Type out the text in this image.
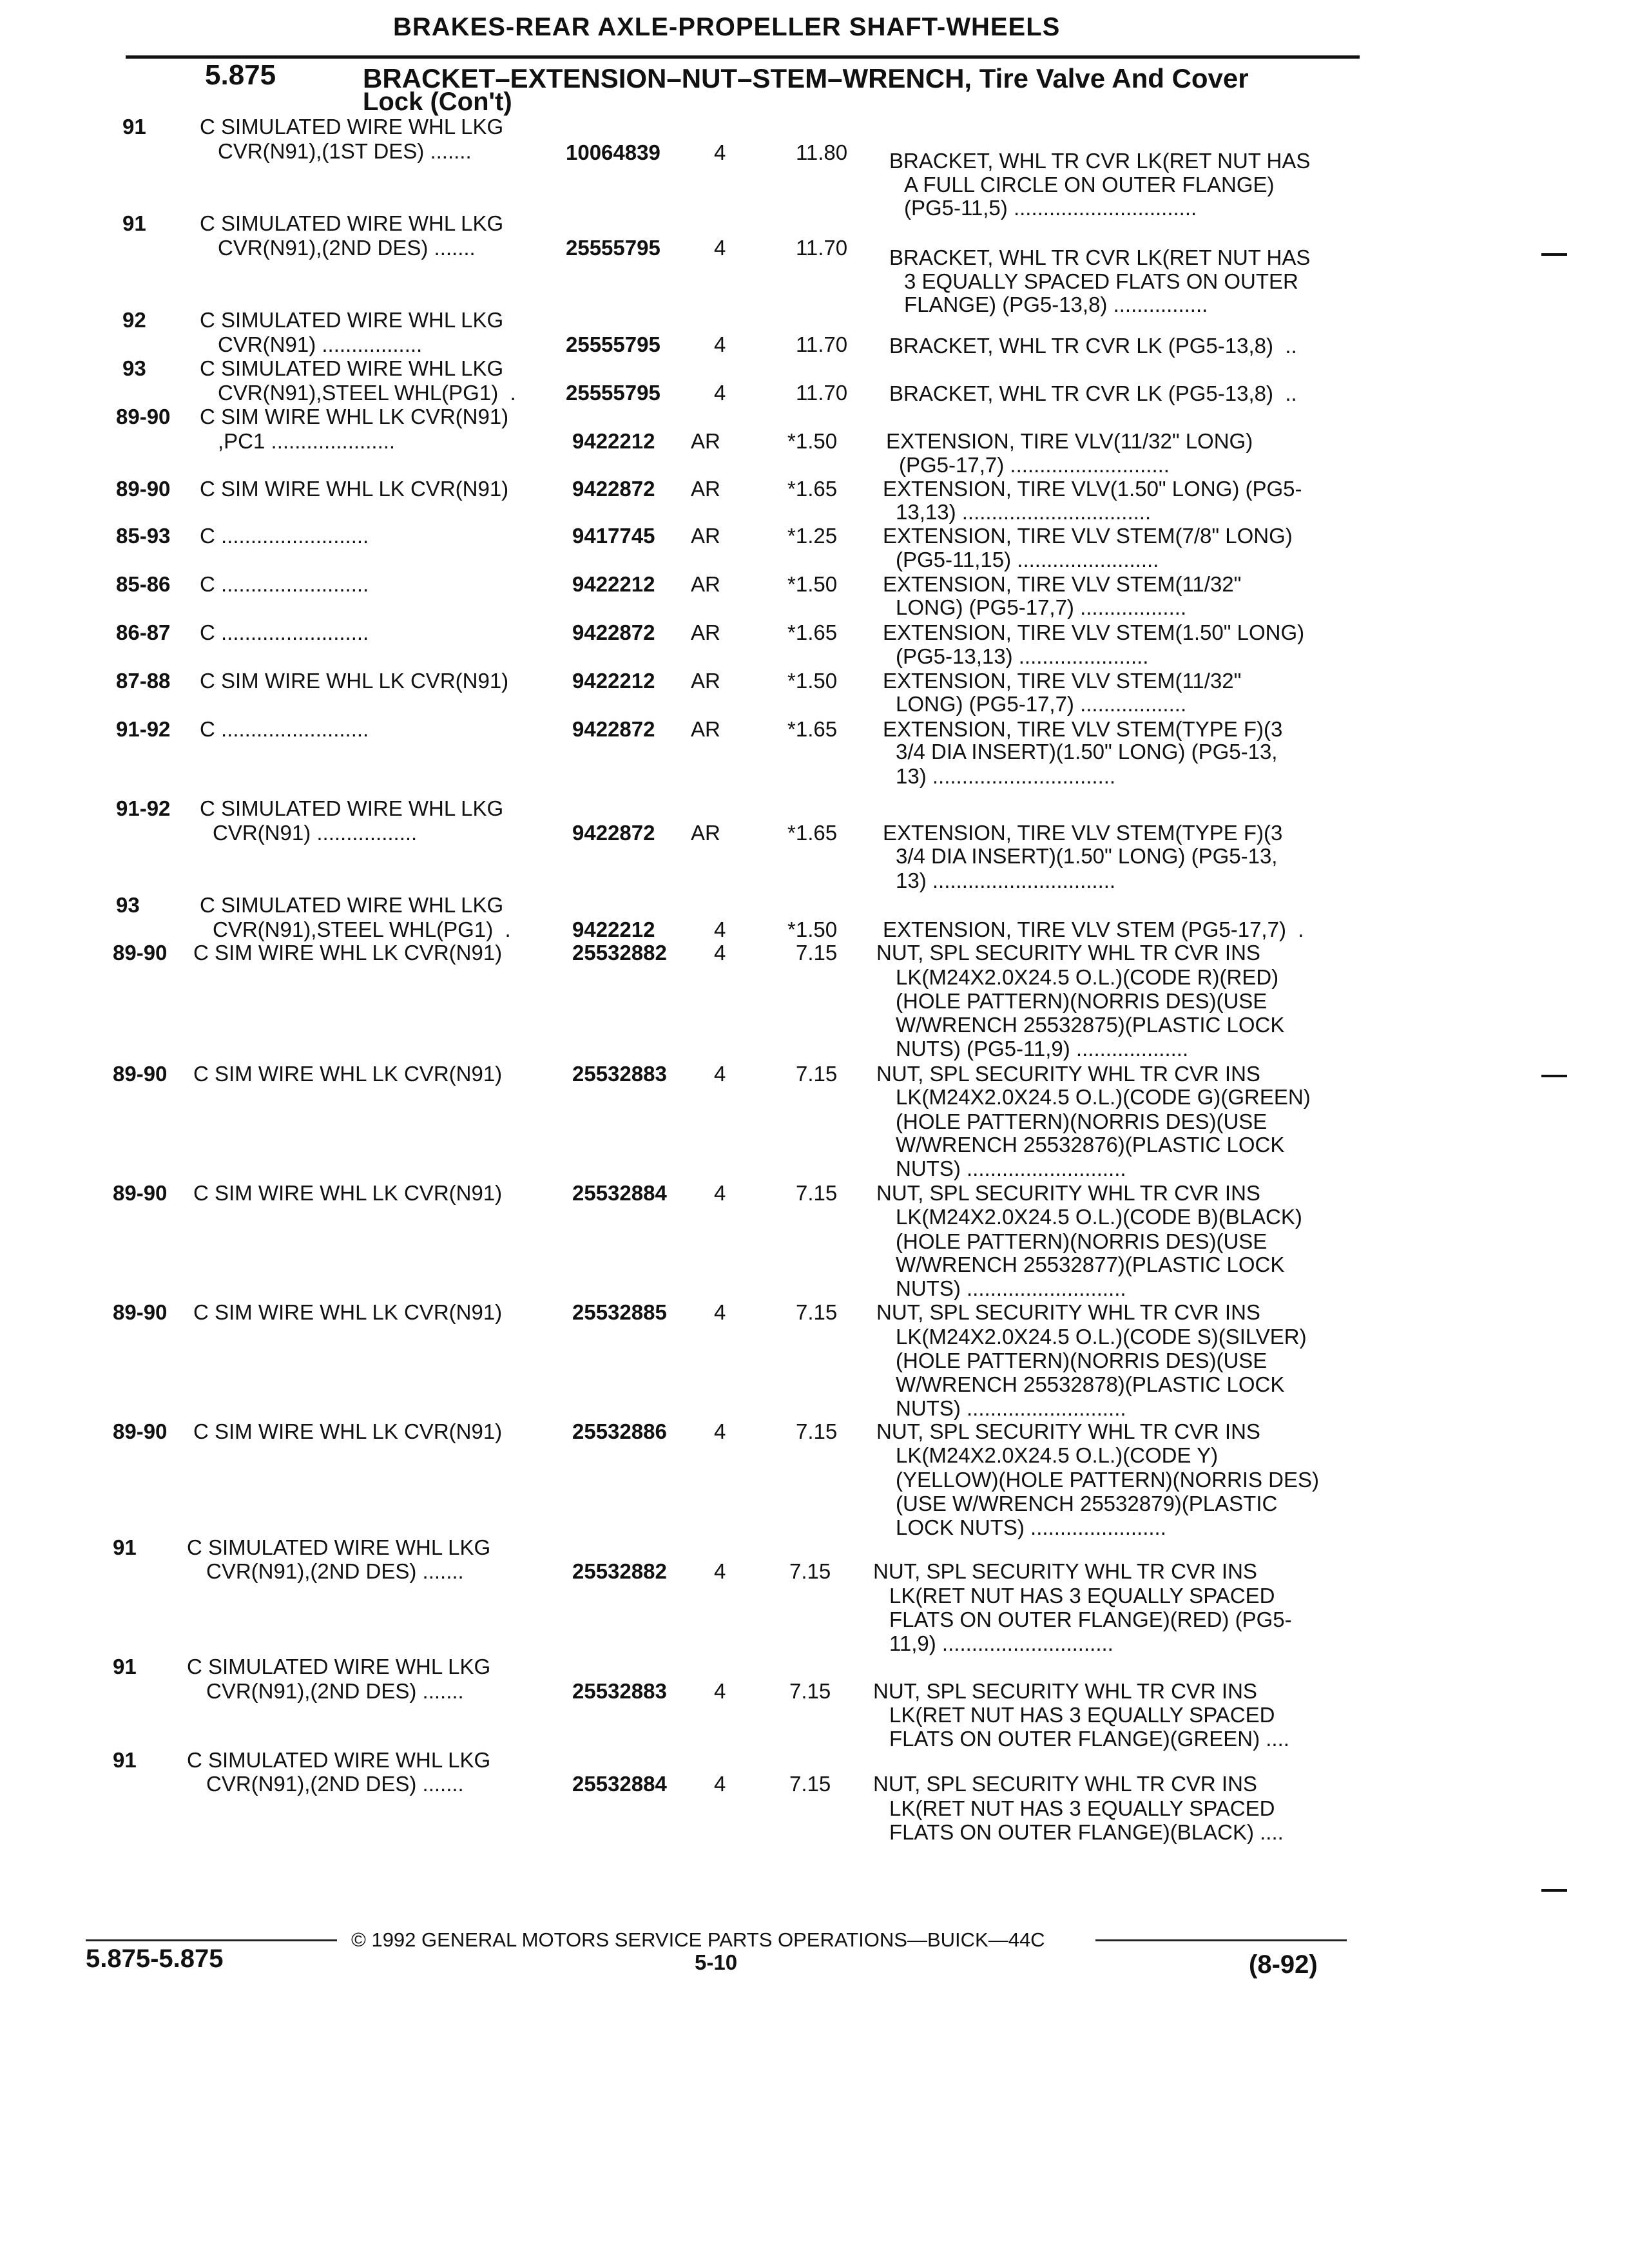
BRAKES-REAR AXLE-PROPELLER SHAFT-WHEELS
5.875	BRACKET–EXTENSION–NUT–STEM–WRENCH, Tire Valve And Cover
Lock (Con't)
91	C SIMULATED WIRE WHL LKG
CVR(N91),(1ST DES) .......	10064839	4	11.80 BRACKET, WHL TR CVR LK(RET NUT HAS
A FULL CIRCLE ON OUTER FLANGE)
(PG5-11,5) ...............................
91	C SIMULATED WIRE WHL LKG
CVR(N91),(2ND DES) .......	25555795	4	11.70 BRACKET, WHL TR CVR LK(RET NUT HAS
3 EQUALLY SPACED FLATS ON OUTER
FLANGE) (PG5-13,8) ................
92	C SIMULATED WIRE WHL LKG
CVR(N91) .................	25555795	4	11.70 BRACKET, WHL TR CVR LK (PG5-13,8)  ..
93	C SIMULATED WIRE WHL LKG
CVR(N91),STEEL WHL(PG1)  . 25555795	4	11.70 BRACKET, WHL TR CVR LK (PG5-13,8)  ..
89-90 C SIM WIRE WHL LK CVR(N91)
,PC1 .....................	9422212 AR	*1.50 EXTENSION, TIRE VLV(11/32" LONG)
(PG5-17,7) ...........................
89-90 C SIM WIRE WHL LK CVR(N91)	9422872 AR	*1.65 EXTENSION, TIRE VLV(1.50" LONG) (PG5-
13,13) ................................
85-93 C .........................	9417745 AR	*1.25 EXTENSION, TIRE VLV STEM(7/8" LONG)
(PG5-11,15) ........................
85-86 C .........................	9422212 AR	*1.50 EXTENSION, TIRE VLV STEM(11/32"
LONG) (PG5-17,7) ..................
86-87 C .........................	9422872 AR	*1.65 EXTENSION, TIRE VLV STEM(1.50" LONG)
(PG5-13,13) ......................
87-88 C SIM WIRE WHL LK CVR(N91)	9422212 AR	*1.50 EXTENSION, TIRE VLV STEM(11/32"
LONG) (PG5-17,7) ..................
91-92 C .........................	9422872 AR	*1.65 EXTENSION, TIRE VLV STEM(TYPE F)(3
3/4 DIA INSERT)(1.50" LONG) (PG5-13,
13) ...............................
91-92 C SIMULATED WIRE WHL LKG
CVR(N91) .................	9422872 AR	*1.65 EXTENSION, TIRE VLV STEM(TYPE F)(3
3/4 DIA INSERT)(1.50" LONG) (PG5-13,
13) ...............................
93	C SIMULATED WIRE WHL LKG
CVR(N91),STEEL WHL(PG1)  .	9422212	4	*1.50 EXTENSION, TIRE VLV STEM (PG5-17,7)  .
89-90 C SIM WIRE WHL LK CVR(N91)	25532882 4	7.15 NUT, SPL SECURITY WHL TR CVR INS
LK(M24X2.0X24.5 O.L.)(CODE R)(RED)
(HOLE PATTERN)(NORRIS DES)(USE
W/WRENCH 25532875)(PLASTIC LOCK
NUTS) (PG5-11,9) ...................
89-90 C SIM WIRE WHL LK CVR(N91)	25532883 4	7.15 NUT, SPL SECURITY WHL TR CVR INS
LK(M24X2.0X24.5 O.L.)(CODE G)(GREEN)
(HOLE PATTERN)(NORRIS DES)(USE
W/WRENCH 25532876)(PLASTIC LOCK
NUTS) ...........................
89-90 C SIM WIRE WHL LK CVR(N91)	25532884 4	7.15 NUT, SPL SECURITY WHL TR CVR INS
LK(M24X2.0X24.5 O.L.)(CODE B)(BLACK)
(HOLE PATTERN)(NORRIS DES)(USE
W/WRENCH 25532877)(PLASTIC LOCK
NUTS) ...........................
89-90 C SIM WIRE WHL LK CVR(N91)	25532885 4	7.15 NUT, SPL SECURITY WHL TR CVR INS
LK(M24X2.0X24.5 O.L.)(CODE S)(SILVER)
(HOLE PATTERN)(NORRIS DES)(USE
W/WRENCH 25532878)(PLASTIC LOCK
NUTS) ...........................
89-90 C SIM WIRE WHL LK CVR(N91)	25532886 4	7.15 NUT, SPL SECURITY WHL TR CVR INS
LK(M24X2.0X24.5 O.L.)(CODE Y)
(YELLOW)(HOLE PATTERN)(NORRIS DES)
(USE W/WRENCH 25532879)(PLASTIC
LOCK NUTS) .......................
91 C SIMULATED WIRE WHL LKG
CVR(N91),(2ND DES) .......	25532882 4	7.15 NUT, SPL SECURITY WHL TR CVR INS
LK(RET NUT HAS 3 EQUALLY SPACED
FLATS ON OUTER FLANGE)(RED) (PG5-
11,9) .............................
91 C SIMULATED WIRE WHL LKG
CVR(N91),(2ND DES) .......	25532883 4	7.15 NUT, SPL SECURITY WHL TR CVR INS
LK(RET NUT HAS 3 EQUALLY SPACED
FLATS ON OUTER FLANGE)(GREEN) ....
91 C SIMULATED WIRE WHL LKG
CVR(N91),(2ND DES) .......	25532884 4	7.15 NUT, SPL SECURITY WHL TR CVR INS
LK(RET NUT HAS 3 EQUALLY SPACED
FLATS ON OUTER FLANGE)(BLACK) ....
© 1992 GENERAL MOTORS SERVICE PARTS OPERATIONS—BUICK—44C
5.875-5.875	5-10	(8-92)
